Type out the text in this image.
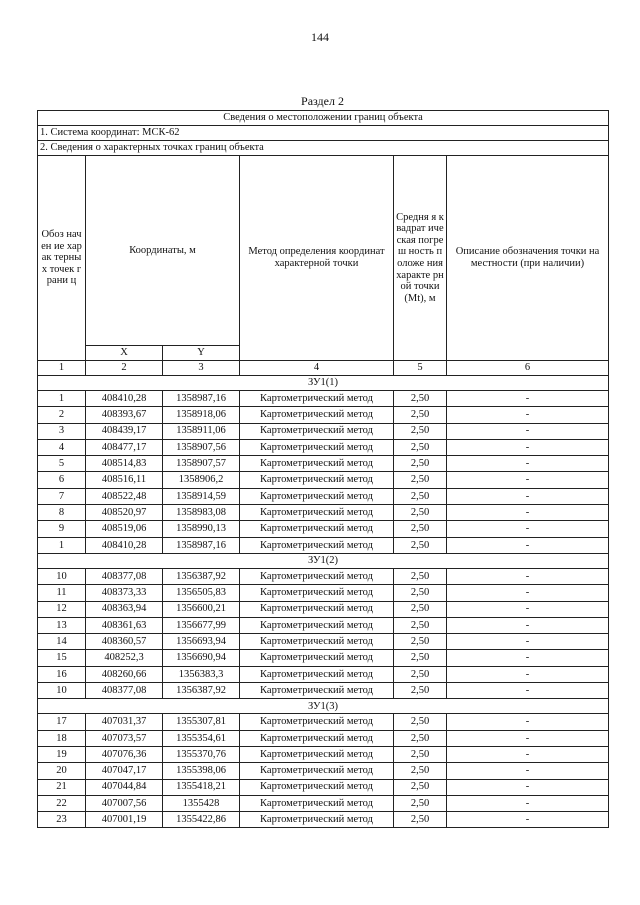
144
Раздел 2
Сведения о местоположении границ объекта					
1. Система координат: МСК-62					
2. Сведения о характерных точках границ объекта					
Обоз начен ие харак терны х точек грани ц	Координаты, м		Метод определения координат характерной точки	Средня я квадрат ическая погреш ность положе ния характе рной точки (Mt), м	Описание обозначения точки на местности (при наличии)
	X	Y			
1	2	3	4	5	6
ЗУ1(1)					
1	408410,28	1358987,16	Картометрический метод	2,50	-
2	408393,67	1358918,06	Картометрический метод	2,50	-
3	408439,17	1358911,06	Картометрический метод	2,50	-
4	408477,17	1358907,56	Картометрический метод	2,50	-
5	408514,83	1358907,57	Картометрический метод	2,50	-
6	408516,11	1358906,2	Картометрический метод	2,50	-
7	408522,48	1358914,59	Картометрический метод	2,50	-
8	408520,97	1358983,08	Картометрический метод	2,50	-
9	408519,06	1358990,13	Картометрический метод	2,50	-
1	408410,28	1358987,16	Картометрический метод	2,50	-
ЗУ1(2)					
10	408377,08	1356387,92	Картометрический метод	2,50	-
11	408373,33	1356505,83	Картометрический метод	2,50	-
12	408363,94	1356600,21	Картометрический метод	2,50	-
13	408361,63	1356677,99	Картометрический метод	2,50	-
14	408360,57	1356693,94	Картометрический метод	2,50	-
15	408252,3	1356690,94	Картометрический метод	2,50	-
16	408260,66	1356383,3	Картометрический метод	2,50	-
10	408377,08	1356387,92	Картометрический метод	2,50	-
ЗУ1(3)					
17	407031,37	1355307,81	Картометрический метод	2,50	-
18	407073,57	1355354,61	Картометрический метод	2,50	-
19	407076,36	1355370,76	Картометрический метод	2,50	-
20	407047,17	1355398,06	Картометрический метод	2,50	-
21	407044,84	1355418,21	Картометрический метод	2,50	-
22	407007,56	1355428	Картометрический метод	2,50	-
23	407001,19	1355422,86	Картометрический метод	2,50	-
